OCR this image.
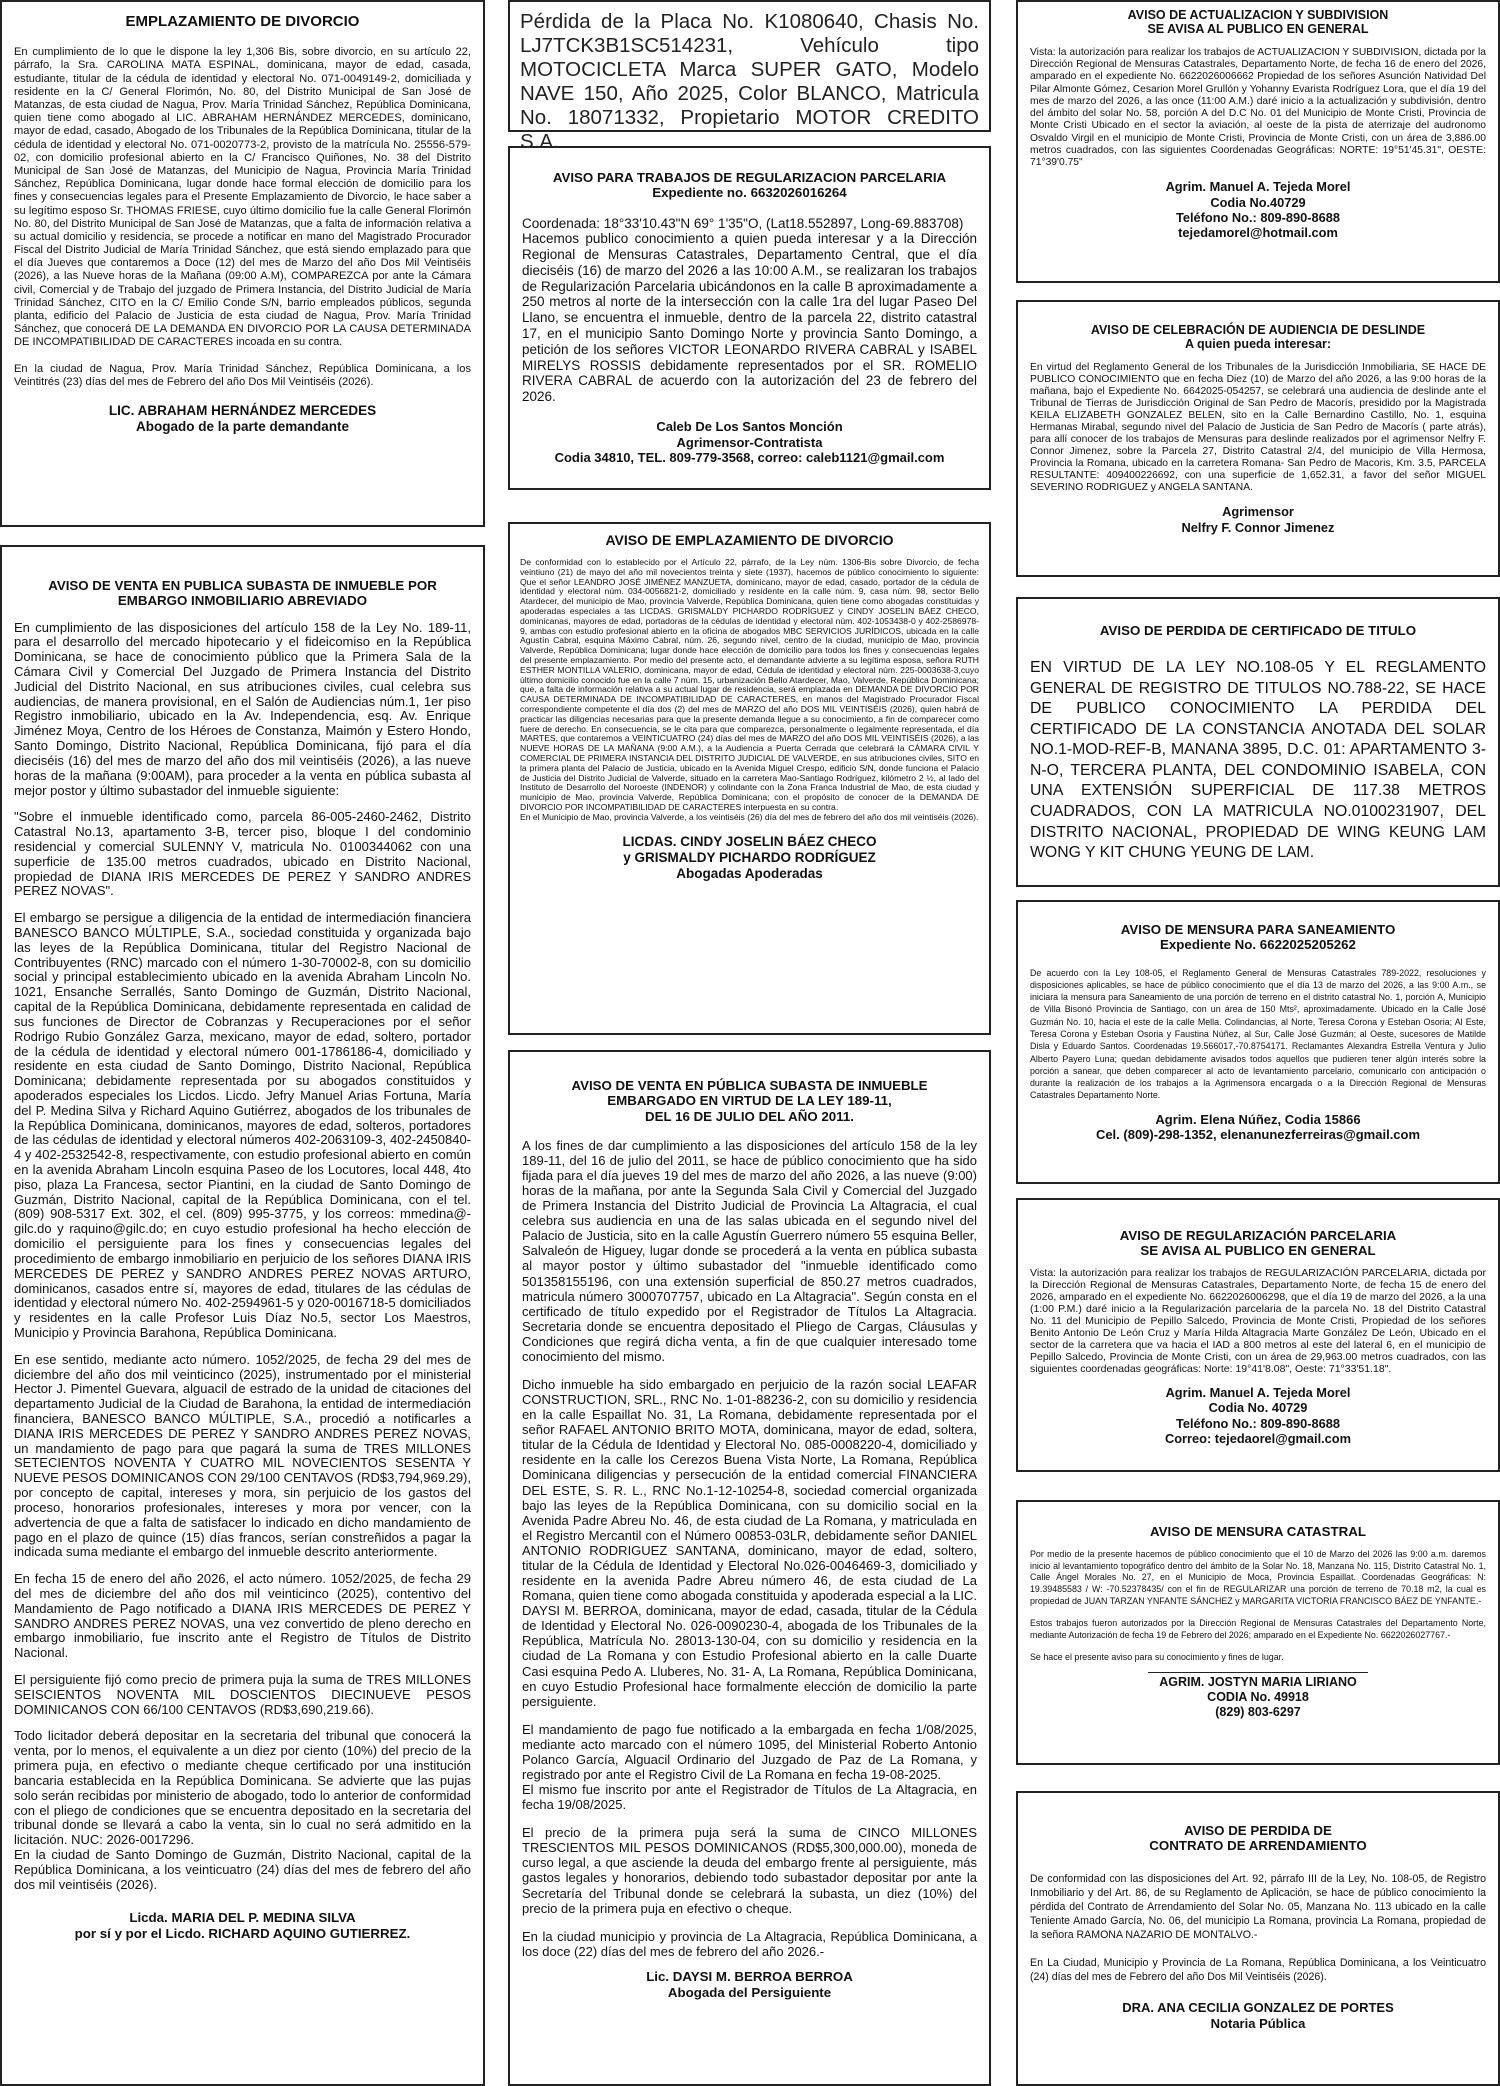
EMPLAZAMIENTO DE DIVORCIO
En cumplimiento de lo que le dispone la ley 1,306 Bis, sobre divorcio, en su artículo 22, párrafo, la Sra. CAROLINA MATA ESPINAL, dominicana, mayor de edad, casada, estudiante, titular de la cédula de identidad y electoral No. 071-0049149-2, domiciliada y residente en la C/ General Florimón, No. 80, del Distrito Municipal de San José de Matanzas, de esta ciudad de Nagua, Prov. María Trinidad Sánchez, República Dominicana, quien tiene como abogado al LIC. ABRAHAM HERNÁNDEZ MERCEDES, dominicano, mayor de edad, casado, Abogado de los Tribunales de la República Dominicana, titular de la cédula de identidad y electoral No. 071-0020773-2, provisto de la matrícula No. 25556-579-02, con domicilio profesional abierto en la C/ Francisco Quiñones, No. 38 del Distrito Municipal de San José de Matanzas, del Municipio de Nagua, Provincia María Trinidad Sánchez, República Dominicana, lugar donde hace formal elección de domicilio para los fines y consecuencias legales para el Presente Emplazamiento de Divorcio, le hace saber a su legítimo esposo Sr. THOMAS FRIESE, cuyo último domicilio fue la calle General Florimón No. 80, del Distrito Municipal de San José de Matanzas, que a falta de información relativa a su actual domicilio y residencia, se procede a notificar en mano del Magistrado Procurador Fiscal del Distrito Judicial de María Trinidad Sánchez, que está siendo emplazado para que el día Jueves que contaremos a Doce (12) del mes de Marzo del año Dos Mil Veintiséis (2026), a las Nueve horas de la Mañana (09:00 A.M), COMPAREZCA por ante la Cámara civil, Comercial y de Trabajo del juzgado de Primera Instancia, del Distrito Judicial de María Trinidad Sánchez, CITO en la C/ Emilio Conde S/N, barrio empleados públicos, segunda planta, edificio del Palacio de Justicia de esta ciudad de Nagua, Prov. María Trinidad Sánchez, que conocerá DE LA DEMANDA EN DIVORCIO POR LA CAUSA DETERMINADA DE INCOMPATIBILIDAD DE CARACTERES incoada en su contra.
En la ciudad de Nagua, Prov. María Trinidad Sánchez, República Dominicana, a los Veintitrés (23) días del mes de Febrero del año Dos Mil Veintiséis (2026).
LIC. ABRAHAM HERNÁNDEZ MERCEDES
Abogado de la parte demandante
AVISO DE VENTA EN PUBLICA SUBASTA DE INMUEBLE POR EMBARGO INMOBILIARIO ABREVIADO
En cumplimiento de las disposiciones del artículo 158 de la Ley No. 189-11, para el desarrollo del mercado hipotecario y el fideicomiso en la República Dominicana, se hace de conocimiento público que la Primera Sala de la Cámara Civil y Comercial Del Juzgado de Primera Instancia del Distrito Judicial del Distrito Nacional, en sus atribuciones civiles, cual celebra sus audiencias, de manera provisional, en el Salón de Audiencias núm.1, 1er piso Registro inmobiliario, ubicado en la Av. Independencia, esq. Av. Enrique Jiménez Moya, Centro de los Héroes de Constanza, Maimón y Estero Hondo, Santo Domingo, Distrito Nacional, República Dominicana, fijó para el día dieciséis (16) del mes de marzo del año dos mil veintiséis (2026), a las nueve horas de la mañana (9:00AM), para proceder a la venta en pública subasta al mejor postor y último subastador del inmueble siguiente:
"Sobre el inmueble identificado como, parcela 86-005-2460-2462, Distrito Catastral No.13, apartamento 3-B, tercer piso, bloque I del condominio residencial y comercial SULENNY V, matricula No. 0100344062 con una superficie de 135.00 metros cuadrados, ubicado en Distrito Nacional, propiedad de DIANA IRIS MERCEDES DE PEREZ Y SANDRO ANDRES PEREZ NOVAS".
El embargo se persigue a diligencia de la entidad de intermediación financiera BANESCO BANCO MÚLTIPLE, S.A., sociedad constituida y organizada bajo las leyes de la República Dominicana, titular del Registro Nacional de Contribuyentes (RNC) marcado con el número 1-30-70002-8, con su domicilio social y principal establecimiento ubicado en la avenida Abraham Lincoln No. 1021, Ensanche Serrallés, Santo Domingo de Guzmán, Distrito Nacional, capital de la República Dominicana, debidamente representada en calidad de sus funciones de Director de Cobranzas y Recuperaciones por el señor Rodrigo Rubio González Garza, mexicano, mayor de edad, soltero, portador de la cédula de identidad y electoral número 001-1786186-4, domiciliado y residente en esta ciudad de Santo Domingo, Distrito Nacional, República Dominicana; debidamente representada por su abogados constituidos y apoderados especiales los Licdos. Licdo. Jefry Manuel Arias Fortuna, María del P. Medina Silva y Richard Aquino Gutiérrez, abogados de los tribunales de la República Dominicana, dominicanos, mayores de edad, solteros, portadores de las cédulas de identidad y electoral números 402-2063109-3, 402-2450840-4 y 402-2532542-8, respectivamente, con estudio profesional abierto en común en la avenida Abraham Lincoln esquina Paseo de los Locutores, local 448, 4to piso, plaza La Francesa, sector Piantini, en la ciudad de Santo Domingo de Guzmán, Distrito Nacional, capital de la República Dominicana, con el tel. (809) 908-5317 Ext. 302, el cel. (809) 995-3775, y los correos: mmedina@-gilc.do y raquino@gilc.do; en cuyo estudio profesional ha hecho elección de domicilio el persiguiente para los fines y consecuencias legales del procedimiento de embargo inmobiliario en perjuicio de los señores DIANA IRIS MERCEDES DE PEREZ y SANDRO ANDRES PEREZ NOVAS ARTURO, dominicanos, casados entre sí, mayores de edad, titulares de las cédulas de identidad y electoral número No. 402-2594961-5 y 020-0016718-5 domiciliados y residentes en la calle Profesor Luis Díaz No.5, sector Los Maestros, Municipio y Provincia Barahona, República Dominicana.
En ese sentido, mediante acto número. 1052/2025, de fecha 29 del mes de diciembre del año dos mil veinticinco (2025), instrumentado por el ministerial Hector J. Pimentel Guevara, alguacil de estrado de la unidad de citaciones del departamento Judicial de la Ciudad de Barahona, la entidad de intermediación financiera, BANESCO BANCO MÚLTIPLE, S.A., procedió a notificarles a DIANA IRIS MERCEDES DE PEREZ Y SANDRO ANDRES PEREZ NOVAS, un mandamiento de pago para que pagará la suma de TRES MILLONES SETECIENTOS NOVENTA Y CUATRO MIL NOVECIENTOS SESENTA Y NUEVE PESOS DOMINICANOS CON 29/100 CENTAVOS (RD$3,794,969.29), por concepto de capital, intereses y mora, sin perjuicio de los gastos del proceso, honorarios profesionales, intereses y mora por vencer, con la advertencia de que a falta de satisfacer lo indicado en dicho mandamiento de pago en el plazo de quince (15) días francos, serían constreñidos a pagar la indicada suma mediante el embargo del inmueble descrito anteriormente.
En fecha 15 de enero del año 2026, el acto número. 1052/2025, de fecha 29 del mes de diciembre del año dos mil veinticinco (2025), contentivo del Mandamiento de Pago notificado a DIANA IRIS MERCEDES DE PEREZ Y SANDRO ANDRES PEREZ NOVAS, una vez convertido de pleno derecho en embargo inmobiliario, fue inscrito ante el Registro de Títulos de Distrito Nacional.
El persiguiente fijó como precio de primera puja la suma de TRES MILLONES SEISCIENTOS NOVENTA MIL DOSCIENTOS DIECINUEVE PESOS DOMINICANOS CON 66/100 CENTAVOS (RD$3,690,219.66).
Todo licitador deberá depositar en la secretaria del tribunal que conocerá la venta, por lo menos, el equivalente a un diez por ciento (10%) del precio de la primera puja, en efectivo o mediante cheque certificado por una institución bancaria establecida en la República Dominicana. Se advierte que las pujas solo serán recibidas por ministerio de abogado, todo lo anterior de conformidad con el pliego de condiciones que se encuentra depositado en la secretaria del tribunal donde se llevará a cabo la venta, sin lo cual no será admitido en la licitación. NUC: 2026-0017296.
En la ciudad de Santo Domingo de Guzmán, Distrito Nacional, capital de la República Dominicana, a los veinticuatro (24) días del mes de febrero del año dos mil veintiséis (2026).
Licda. MARIA DEL P. MEDINA SILVA
por sí y por el Licdo. RICHARD AQUINO GUTIERREZ.
Pérdida de la Placa No. K1080640, Chasis No. LJ7TCK3B1SC514231, Vehículo tipo MOTOCICLETA Marca SUPER GATO, Modelo NAVE 150, Año 2025, Color BLANCO, Matricula No. 18071332, Propietario MOTOR CREDITO S.A.
AVISO PARA TRABAJOS DE REGULARIZACION PARCELARIA
Expediente no. 6632026016264
Coordenada: 18°33'10.43"N 69° 1'35"O, (Lat18.552897, Long-69.883708)
Hacemos publico conocimiento a quien pueda interesar y a la Dirección Regional de Mensuras Catastrales, Departamento Central, que el día dieciséis (16) de marzo del 2026 a las 10:00 A.M., se realizaran los trabajos de Regularización Parcelaria ubicándonos en la calle B aproximadamente a 250 metros al norte de la intersección con la calle 1ra del lugar Paseo Del Llano, se encuentra el inmueble, dentro de la parcela 22, distrito catastral 17, en el municipio Santo Domingo Norte y provincia Santo Domingo, a petición de los señores VICTOR LEONARDO RIVERA CABRAL y ISABEL MIRELYS ROSSIS debidamente representados por el SR. ROMELIO RIVERA CABRAL de acuerdo con la autorización del 23 de febrero del 2026.
Caleb De Los Santos Monción
Agrimensor-Contratista
Codia 34810, TEL. 809-779-3568, correo: caleb1121@gmail.com
AVISO DE EMPLAZAMIENTO DE DIVORCIO
De conformidad con lo establecido por el Artículo 22, párrafo, de la Ley núm. 1306-Bis sobre Divorcio, de fecha veintiuno (21) de mayo del año mil novecientos treinta y siete (1937), hacemos de público conocimiento lo siguiente: Que el señor LEANDRO JOSÉ JIMÉNEZ MANZUETA, dominicano, mayor de edad, casado, portador de la cédula de identidad y electoral núm. 034-0056821-2, domiciliado y residente en la calle núm. 9, casa núm. 98, sector Bello Atardecer, del municipio de Mao, provincia Valverde, República Dominicana, quien tiene como abogadas constituidas y apoderadas especiales a las LICDAS. GRISMALDY PICHARDO RODRÍGUEZ y CINDY JOSELIN BÁEZ CHECO, dominicanas, mayores de edad, portadoras de la cédulas de identidad y electoral núm. 402-1053438-0 y 402-2586978-9, ambas con estudio profesional abierto en la oficina de abogados MBC SERVICIOS JURÍDICOS, ubicada en la calle Agustín Cabral, esquina Máximo Cabral, núm. 26, segundo nivel, centro de la ciudad, municipio de Mao, provincia Valverde, República Dominicana; lugar donde hace elección de domicilio para todos los fines y consecuencias legales del presente emplazamiento. Por medio del presente acto, el demandante advierte a su legítima esposa, señora RUTH ESTHER MONTILLA VALERIO, dominicana, mayor de edad, Cédula de identidad y electoral núm. 225-0003638-3,cuyo último domicilio conocido fue en la calle 7 núm. 15, urbanización Bello Atardecer, Mao, Valverde, República Dominicana; que, a falta de información relativa a su actual lugar de residencia, será emplazada en DEMANDA DE DIVORCIO POR CAUSA DETERMINADA DE INCOMPATIBILIDAD DE CARACTERES, en manos del Magistrado Procurador Fiscal correspondiente competente el día dos (2) del mes de MARZO del año DOS MIL VEINTISÉIS (2026), quien habrá de practicar las diligencias necesarias para que la presente demanda llegue a su conocimiento, a fin de comparecer como fuere de derecho. En consecuencia, se le cita para que comparezca, personalmente o legalmente representada, el día MARTES, que contaremos a VEINTICUATRO (24) días del mes de MARZO del año DOS MIL VEINTISÉIS (2026), a las NUEVE HORAS DE LA MAÑANA (9:00 A.M.), a la Audiencia a Puerta Cerrada que celebrará la CÁMARA CIVIL Y COMERCIAL DE PRIMERA INSTANCIA DEL DISTRITO JUDICIAL DE VALVERDE, en sus atribuciones civiles, SITO en la primera planta del Palacio de Justicia, ubicado en la Avenida Miguel Crespo, edificio S/N, donde funciona el Palacio de Justicia del Distrito Judicial de Valverde, situado en la carretera Mao-Santiago Rodríguez, kilómetro 2 ½, al lado del Instituto de Desarrollo del Noroeste (INDENOR) y colindante con la Zona Franca Industrial de Mao, de esta ciudad y municipio de Mao, provincia Valverde, República Dominicana; con el propósito de conocer de la DEMANDA DE DIVORCIO POR INCOMPATIBILIDAD DE CARACTERES interpuesta en su contra.
En el Municipio de Mao, provincia Valverde, a los veintiséis (26) día del mes de febrero del año dos mil veintiséis (2026).
LICDAS. CINDY JOSELIN BÁEZ CHECO
y GRISMALDY PICHARDO RODRÍGUEZ
Abogadas Apoderadas
AVISO DE VENTA EN PÚBLICA SUBASTA DE INMUEBLE EMBARGADO EN VIRTUD DE LA LEY 189-11,
DEL 16 DE JULIO DEL AÑO 2011.
A los fines de dar cumplimiento a las disposiciones del artículo 158 de la ley 189-11, del 16 de julio del 2011, se hace de público conocimiento que ha sido fijada para el día jueves 19 del mes de marzo del año 2026, a las nueve (9:00) horas de la mañana, por ante la Segunda Sala Civil y Comercial del Juzgado de Primera Instancia del Distrito Judicial de Provincia La Altagracia, el cual celebra sus audiencia en una de las salas ubicada en el segundo nivel del Palacio de Justicia, sito en la calle Agustín Guerrero número 55 esquina Beller, Salvaleón de Higuey, lugar donde se procederá a la venta en pública subasta al mayor postor y último subastador del "inmueble identificado como 501358155196, con una extensión superficial de 850.27 metros cuadrados, matricula número 3000707757, ubicado en La Altagracia". Según consta en el certificado de título expedido por el Registrador de Títulos La Altagracia. Secretaria donde se encuentra depositado el Pliego de Cargas, Cláusulas y Condiciones que regirá dicha venta, a fin de que cualquier interesado tome conocimiento del mismo.
Dicho inmueble ha sido embargado en perjuicio de la razón social LEAFAR CONSTRUCTION, SRL., RNC No. 1-01-88236-2, con su domicilio y residencia en la calle Espaillat No. 31, La Romana, debidamente representada por el señor RAFAEL ANTONIO BRITO MOTA, dominicana, mayor de edad, soltera, titular de la Cédula de Identidad y Electoral No. 085-0008220-4, domiciliado y residente en la calle los Cerezos Buena Vista Norte, La Romana, República Dominicana diligencias y persecución de la entidad comercial FINANCIERA DEL ESTE, S. R. L., RNC No.1-12-10254-8, sociedad comercial organizada bajo las leyes de la República Dominicana, con su domicilio social en la Avenida Padre Abreu No. 46, de esta ciudad de La Romana, y matriculada en el Registro Mercantil con el Número 00853-03LR, debidamente señor DANIEL ANTONIO RODRIGUEZ SANTANA, dominicano, mayor de edad, soltero, titular de la Cédula de Identidad y Electoral No.026-0046469-3, domiciliado y residente en la avenida Padre Abreu número 46, de esta ciudad de La Romana, quien tiene como abogada constituida y apoderada especial a la LIC. DAYSI M. BERROA, dominicana, mayor de edad, casada, titular de la Cédula de Identidad y Electoral No. 026-0090230-4, abogada de los Tribunales de la República, Matrícula No. 28013-130-04, con su domicilio y residencia en la ciudad de La Romana y con Estudio Profesional abierto en la calle Duarte Casi esquina Pedo A. Lluberes, No. 31- A, La Romana, República Dominicana, en cuyo Estudio Profesional hace formalmente elección de domicilio la parte persiguiente.
El mandamiento de pago fue notificado a la embargada en fecha 1/08/2025, mediante acto marcado con el número 1095, del Ministerial Roberto Antonio Polanco García, Alguacil Ordinario del Juzgado de Paz de La Romana, y registrado por ante el Registro Civil de La Romana en fecha 19-08-2025.
El mismo fue inscrito por ante el Registrador de Títulos de La Altagracia, en fecha 19/08/2025.
El precio de la primera puja será la suma de CINCO MILLONES TRESCIENTOS MIL PESOS DOMINICANOS (RD$5,300,000.00), moneda de curso legal, a que asciende la deuda del embargo frente al persiguiente, más gastos legales y honorarios, debiendo todo subastador depositar por ante la Secretaría del Tribunal donde se celebrará la subasta, un diez (10%) del precio de la primera puja en efectivo o cheque.
En la ciudad municipio y provincia de La Altagracia, República Dominicana, a los doce (22) días del mes de febrero del año 2026.-
Lic. DAYSI M. BERROA BERROA
Abogada del Persiguiente
AVISO DE ACTUALIZACION Y SUBDIVISION
SE AVISA AL PUBLICO EN GENERAL
Vista: la autorización para realizar los trabajos de ACTUALIZACION Y SUBDIVISION, dictada por la Dirección Regional de Mensuras Catastrales, Departamento Norte, de fecha 16 de enero del 2026, amparado en el expediente No. 6622026006662 Propiedad de los señores Asunción Natividad Del Pilar Almonte Gómez, Cesarion Morel Grullón y Yohanny Evarista Rodríguez Lora, que el día 19 del mes de marzo del 2026, a las once (11:00 A.M.) daré inicio a la actualización y subdivisión, dentro del ámbito del solar No. 58, porción A del D.C No. 01 del Municipio de Monte Cristi, Provincia de Monte Cristi Ubicado en el sector la aviación, al oeste de la pista de aterrizaje del audronomo Osvaldo Virgil en el municipio de Monte Cristi, Provincia de Monte Cristi, con un área de 3,886.00 metros cuadrados, con las siguientes Coordenadas Geográficas: NORTE: 19°51'45.31", OESTE: 71°39'0.75"
Agrim. Manuel A. Tejeda Morel
Codia No.40729
Teléfono No.: 809-890-8688
tejedamorel@hotmail.com
AVISO DE CELEBRACIÓN DE AUDIENCIA DE DESLINDE
A quien pueda interesar:
En virtud del Reglamento General de los Tribunales de la Jurisdicción Inmobiliaria, SE HACE DE PUBLICO CONOCIMIENTO que en fecha Diez (10) de Marzo del año 2026, a las 9:00 horas de la mañana, bajo el Expediente No. 6642025-054257, se celebrará una audiencia de deslinde ante el Tribunal de Tierras de Jurisdicción Original de San Pedro de Macorís, presidido por la Magistrada KEILA ELIZABETH GONZALEZ BELEN, sito en la Calle Bernardino Castillo, No. 1, esquina Hermanas Mirabal, segundo nivel del Palacio de Justicia de San Pedro de Macorís ( parte atrás), para allí conocer de los trabajos de Mensuras para deslinde realizados por el agrimensor Nelfry F. Connor Jimenez, sobre la Parcela 27, Distrito Catastral 2/4, del municipio de Villa Hermosa, Provincia la Romana, ubicado en la carretera Romana- San Pedro de Macoris, Km. 3.5, PARCELA RESULTANTE: 409400226692, con una superficie de 1,652.31, a favor del señor MIGUEL SEVERINO RODRIGUEZ y ANGELA SANTANA.
Agrimensor
Nelfry F. Connor Jimenez
AVISO DE PERDIDA DE CERTIFICADO DE TITULO
EN VIRTUD DE LA LEY NO.108-05 Y EL REGLAMENTO GENERAL DE REGISTRO DE TITULOS NO.788-22, SE HACE DE PUBLICO CONOCIMIENTO LA PERDIDA DEL CERTIFICADO DE LA CONSTANCIA ANOTADA DEL SOLAR NO.1-MOD-REF-B, MANANA 3895, D.C. 01: APARTAMENTO 3-N-O, TERCERA PLANTA, DEL CONDOMINIO ISABELA, CON UNA EXTENSIÓN SUPERFICIAL DE 117.38 METROS CUADRADOS, CON LA MATRICULA NO.0100231907, DEL DISTRITO NACIONAL, PROPIEDAD DE WING KEUNG LAM WONG Y KIT CHUNG YEUNG DE LAM.
AVISO DE MENSURA PARA SANEAMIENTO
Expediente No. 6622025205262
De acuerdo con la Ley 108-05, el Reglamento General de Mensuras Catastrales 789-2022, resoluciones y disposiciones aplicables, se hace de público conocimiento que el día 13 de marzo del 2026, a las 9:00 A.m., se iniciara la mensura para Saneamiento de una porción de terreno en el distrito catastral No. 1, porción A, Municipio de Villa Bisonó Provincia de Santiago, con un área de 150 Mts², aproximadamente. Ubicado en la Calle José Guzmán No. 10, hacia el este de la calle Mella. Colindancias, al Norte, Teresa Corona y Esteban Osoria; Al Este, Teresa Corona y Esteban Osoria y Faustina Núñez, al Sur, Calle José Guzmán; al Oeste, sucesores de Matilde Disla y Eduardo Santos. Coordenadas 19.566017,-70.8754171. Reclamantes Alexandra Estrella Ventura y Julio Alberto Payero Luna; quedan debidamente avisados todos aquellos que pudieren tener algún interés sobre la porción a sanear, que deben comparecer al acto de levantamiento parcelario, comunicarlo con anticipación o durante la realización de los trabajos a la Agrimensora encargada o a la Dirección Regional de Mensuras Catastrales Departamento Norte.
Agrim. Elena Núñez, Codia 15866
Cel. (809)-298-1352, elenanunezferreiras@gmail.com
AVISO DE REGULARIZACIÓN PARCELARIA
SE AVISA AL PUBLICO EN GENERAL
Vista: la autorización para realizar los trabajos de REGULARIZACIÓN PARCELARIA, dictada por la Dirección Regional de Mensuras Catastrales, Departamento Norte, de fecha 15 de enero del 2026, amparado en el expediente No. 6622026006298, que el día 19 de marzo del 2026, a la una (1:00 P.M.) daré inicio a la Regularización parcelaria de la parcela No. 18 del Distrito Catastral No. 11 del Municipio de Pepillo Salcedo, Provincia de Monte Cristi, Propiedad de los señores Benito Antonio De León Cruz y María Hilda Altagracia Marte González De León, Ubicado en el sector de la carretera que va hacia el IAD a 800 metros al este del lateral 6, en el municipio de Pepillo Salcedo, Provincia de Monte Cristi, con un área de 29,963.00 metros cuadrados, con las siguientes coordenadas geográficas: Norte: 19°41'8.08", Oeste: 71°33'51.18".
Agrim. Manuel A. Tejeda Morel
Codia No. 40729
Teléfono No.: 809-890-8688
Correo: tejedaorel@gmail.com
AVISO DE MENSURA CATASTRAL
Por medio de la presente hacemos de público conocimiento que el 10 de Marzo del 2026 las 9:00 a.m. daremos inicio al levantamiento topográfico dentro del ámbito de la Solar No. 18, Manzana No. 115, Distrito Catastral No. 1, Calle Ángel Morales No. 27, en el Municipio de Moca, Provincia Espaillat. Coordenadas Geográficas: N: 19.39485583 / W: -70.52378435/ con el fin de REGULARIZAR una porción de terreno de 70.18 m2, la cual es propiedad de JUAN TARZAN YNFANTE SÁNCHEZ y MARGARITA VICTORIA FRANCISCO BÁEZ DE YNFANTE.-
Estos trabajos fueron autorizados por la Dirección Regional de Mensuras Catastrales del Departamento Norte, mediante Autorización de fecha 19 de Febrero del 2026; amparado en el Expediente No. 6622026027767.-
Se hace el presente aviso para su conocimiento y fines de lugar.
AGRIM. JOSTYN MARIA LIRIANO
CODIA No. 49918
(829) 803-6297
AVISO DE PERDIDA DE
CONTRATO DE ARRENDAMIENTO
De conformidad con las disposiciones del Art. 92, párrafo III de la Ley, No. 108-05, de Registro Inmobiliario y del Art. 86, de su Reglamento de Aplicación, se hace de público conocimiento la pérdida del Contrato de Arrendamiento del Solar No. 05, Manzana No. 113 ubicado en la calle Teniente Amado García, No. 06, del municipio La Romana, provincia La Romana, propiedad de la señora RAMONA NAZARIO DE MONTALVO.-
En La Ciudad, Municipio y Provincia de La Romana, República Dominicana, a los Veinticuatro (24) días del mes de Febrero del año Dos Mil Veintiséis (2026).
DRA. ANA CECILIA GONZALEZ DE PORTES
Notaria Pública
